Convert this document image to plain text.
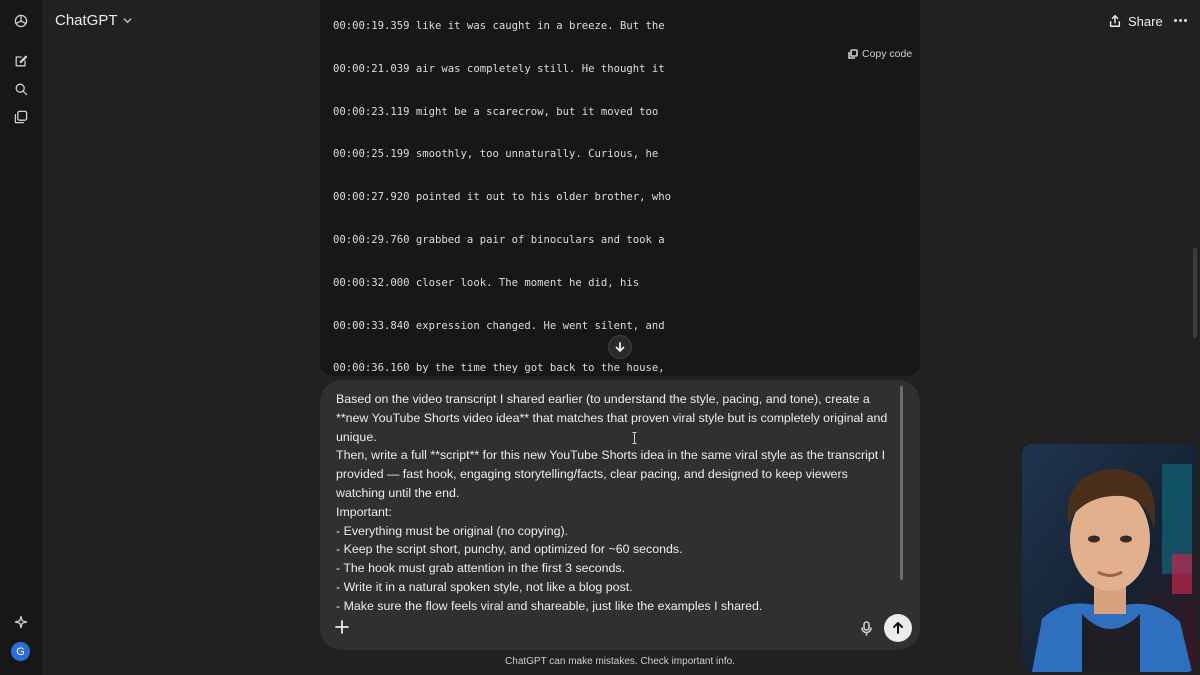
G
ChatGPT	Share

00:00:19.359 like it was caught in a breeze. But the

00:00:21.039 air was completely still. He thought it

00:00:23.119 might be a scarecrow, but it moved too

00:00:25.199 smoothly, too unnaturally. Curious, he

00:00:27.920 pointed it out to his older brother, who

00:00:29.760 grabbed a pair of binoculars and took a

00:00:32.000 closer look. The moment he did, his

00:00:33.840 expression changed. He went silent, and

00:00:36.160 by the time they got back to the house,

Copy code
Based on the video transcript I shared earlier (to understand the style, pacing, and tone), create a **new YouTube Shorts video idea** that matches that proven viral style but is completely original and unique.
Then, write a full **script** for this new YouTube Shorts idea in the same viral style as the transcript I provided — fast hook, engaging storytelling/facts, clear pacing, and designed to keep viewers watching until the end.
Important:
- Everything must be original (no copying).
- Keep the script short, punchy, and optimized for ~60 seconds.
- The hook must grab attention in the first 3 seconds.
- Write it in a natural spoken style, not like a blog post.
- Make sure the flow feels viral and shareable, just like the examples I shared.
ChatGPT can make mistakes. Check important info.
